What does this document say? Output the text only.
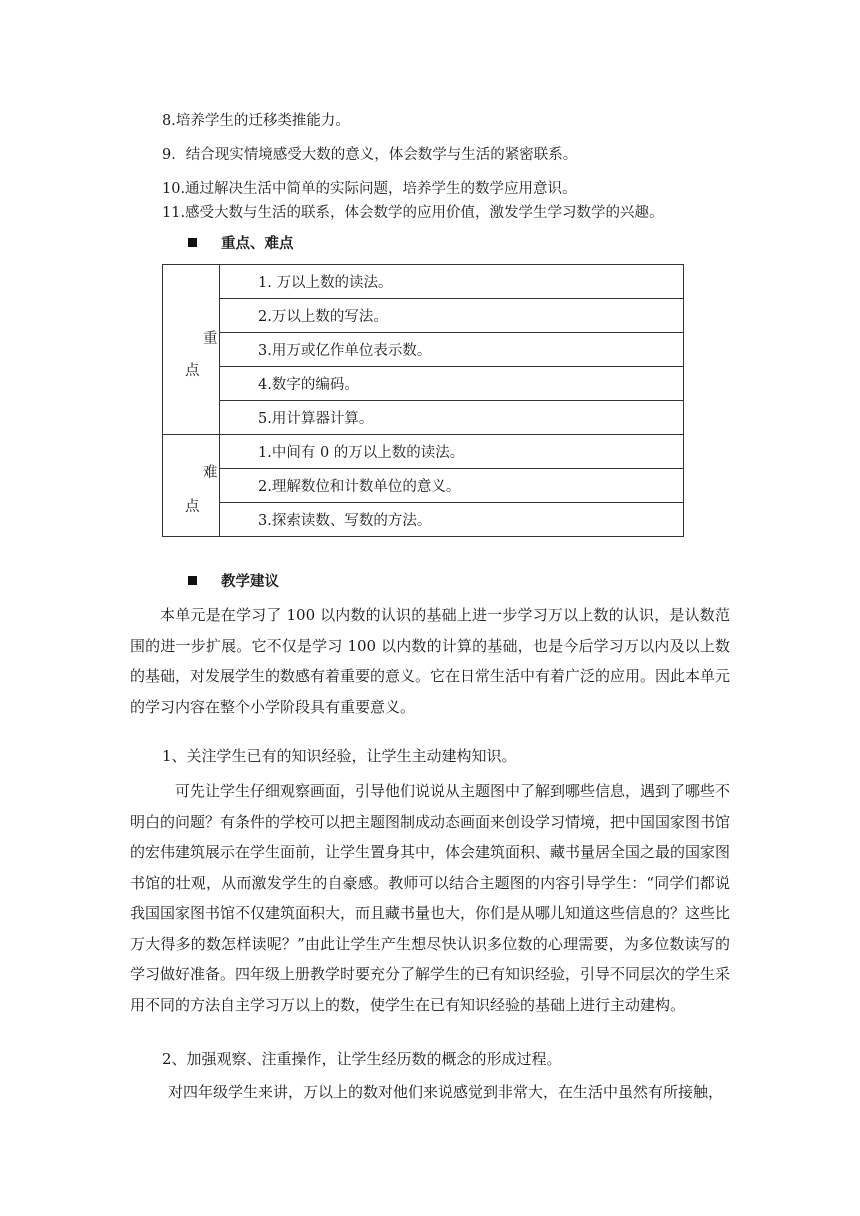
8.培养学生的迁移类推能力。
9．结合现实情境感受大数的意义，体会数学与生活的紧密联系。
10.通过解决生活中简单的实际问题，培养学生的数学应用意识。
11.感受大数与生活的联系，体会数学的应用价值，激发学生学习数学的兴趣。
重点、难点
重
点	1. 万以上数的读法。
	2.万以上数的写法。
	3.用万或亿作单位表示数。
	4.数字的编码。
	5.用计算器计算。

难
点	1.中间有 0 的万以上数的读法。
	2.理解数位和计数单位的意义。
	3.探索读数、写数的方法。
教学建议
本单元是在学习了 100 以内数的认识的基础上进一步学习万以上数的认识，是认数范围的进一步扩展。它不仅是学习 100 以内数的计算的基础，也是今后学习万以内及以上数的基础，对发展学生的数感有着重要的意义。它在日常生活中有着广泛的应用。因此本单元的学习内容在整个小学阶段具有重要意义。
1、关注学生已有的知识经验，让学生主动建构知识。
可先让学生仔细观察画面，引导他们说说从主题图中了解到哪些信息，遇到了哪些不明白的问题？有条件的学校可以把主题图制成动态画面来创设学习情境，把中国国家图书馆的宏伟建筑展示在学生面前，让学生置身其中，体会建筑面积、藏书量居全国之最的国家图书馆的壮观，从而激发学生的自豪感。教师可以结合主题图的内容引导学生：“同学们都说我国国家图书馆不仅建筑面积大，而且藏书量也大，你们是从哪儿知道这些信息的？这些比万大得多的数怎样读呢？”由此让学生产生想尽快认识多位数的心理需要，为多位数读写的学习做好准备。四年级上册教学时要充分了解学生的已有知识经验，引导不同层次的学生采用不同的方法自主学习万以上的数，使学生在已有知识经验的基础上进行主动建构。
2、加强观察、注重操作，让学生经历数的概念的形成过程。
对四年级学生来讲，万以上的数对他们来说感觉到非常大，在生活中虽然有所接触，
